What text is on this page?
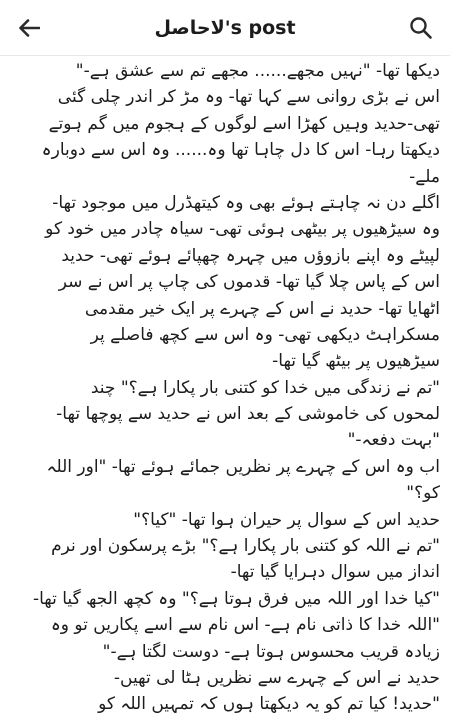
لاحاصل's post
دیکھا تھا- "نہیں مجھے...... مجھے تم سے عشق ہے-"
اس نے بڑی روانی سے کہا تھا- وہ مڑ کر اندر چلی گئی
تھی-حدید وہیں کھڑا اسے لوگوں کے ہجوم میں گم ہوتے
دیکھتا رہا- اس کا دل چاہا تھا وہ...... وہ اس سے دوبارہ
ملے-
اگلے دن نہ چاہتے ہوئے بھی وہ کیتھڈرل میں موجود تھا-
وہ سیڑھیوں پر بیٹھی ہوئی تھی- سیاہ چادر میں خود کو
لپیٹے وہ اپنے بازوؤں میں چہرہ چھپائے ہوئے تھی- حدید
اس کے پاس چلا گیا تھا- قدموں کی چاپ پر اس نے سر
اٹھایا تھا- حدید نے اس کے چہرے پر ایک خیر مقدمی
مسکراہٹ دیکھی تھی- وہ اس سے کچھ فاصلے پر
سیڑھیوں پر بیٹھ گیا تھا-
"تم نے زندگی میں خدا کو کتنی بار پکارا ہے؟" چند
لمحوں کی خاموشی کے بعد اس نے حدید سے پوچھا تھا-
"بہت دفعہ-"
اب وہ اس کے چہرے پر نظریں جمائے ہوئے تھا- "اور اللہ
کو؟"
حدید اس کے سوال پر حیران ہوا تھا- "کیا؟"
"تم نے اللہ کو کتنی بار پکارا ہے؟" بڑے پرسکون اور نرم
انداز میں سوال دہرایا گیا تھا-
"کیا خدا اور اللہ میں فرق ہوتا ہے؟" وہ کچھ الجھ گیا تھا-
"اللہ خدا کا ذاتی نام ہے- اس نام سے اسے پکاریں تو وہ
زیادہ قریب محسوس ہوتا ہے- دوست لگتا ہے-"
حدید نے اس کے چہرے سے نظریں ہٹا لی تھیں-
"حدید! کیا تم کو یہ دیکھتا ہوں کہ تمہیں اللہ کو
